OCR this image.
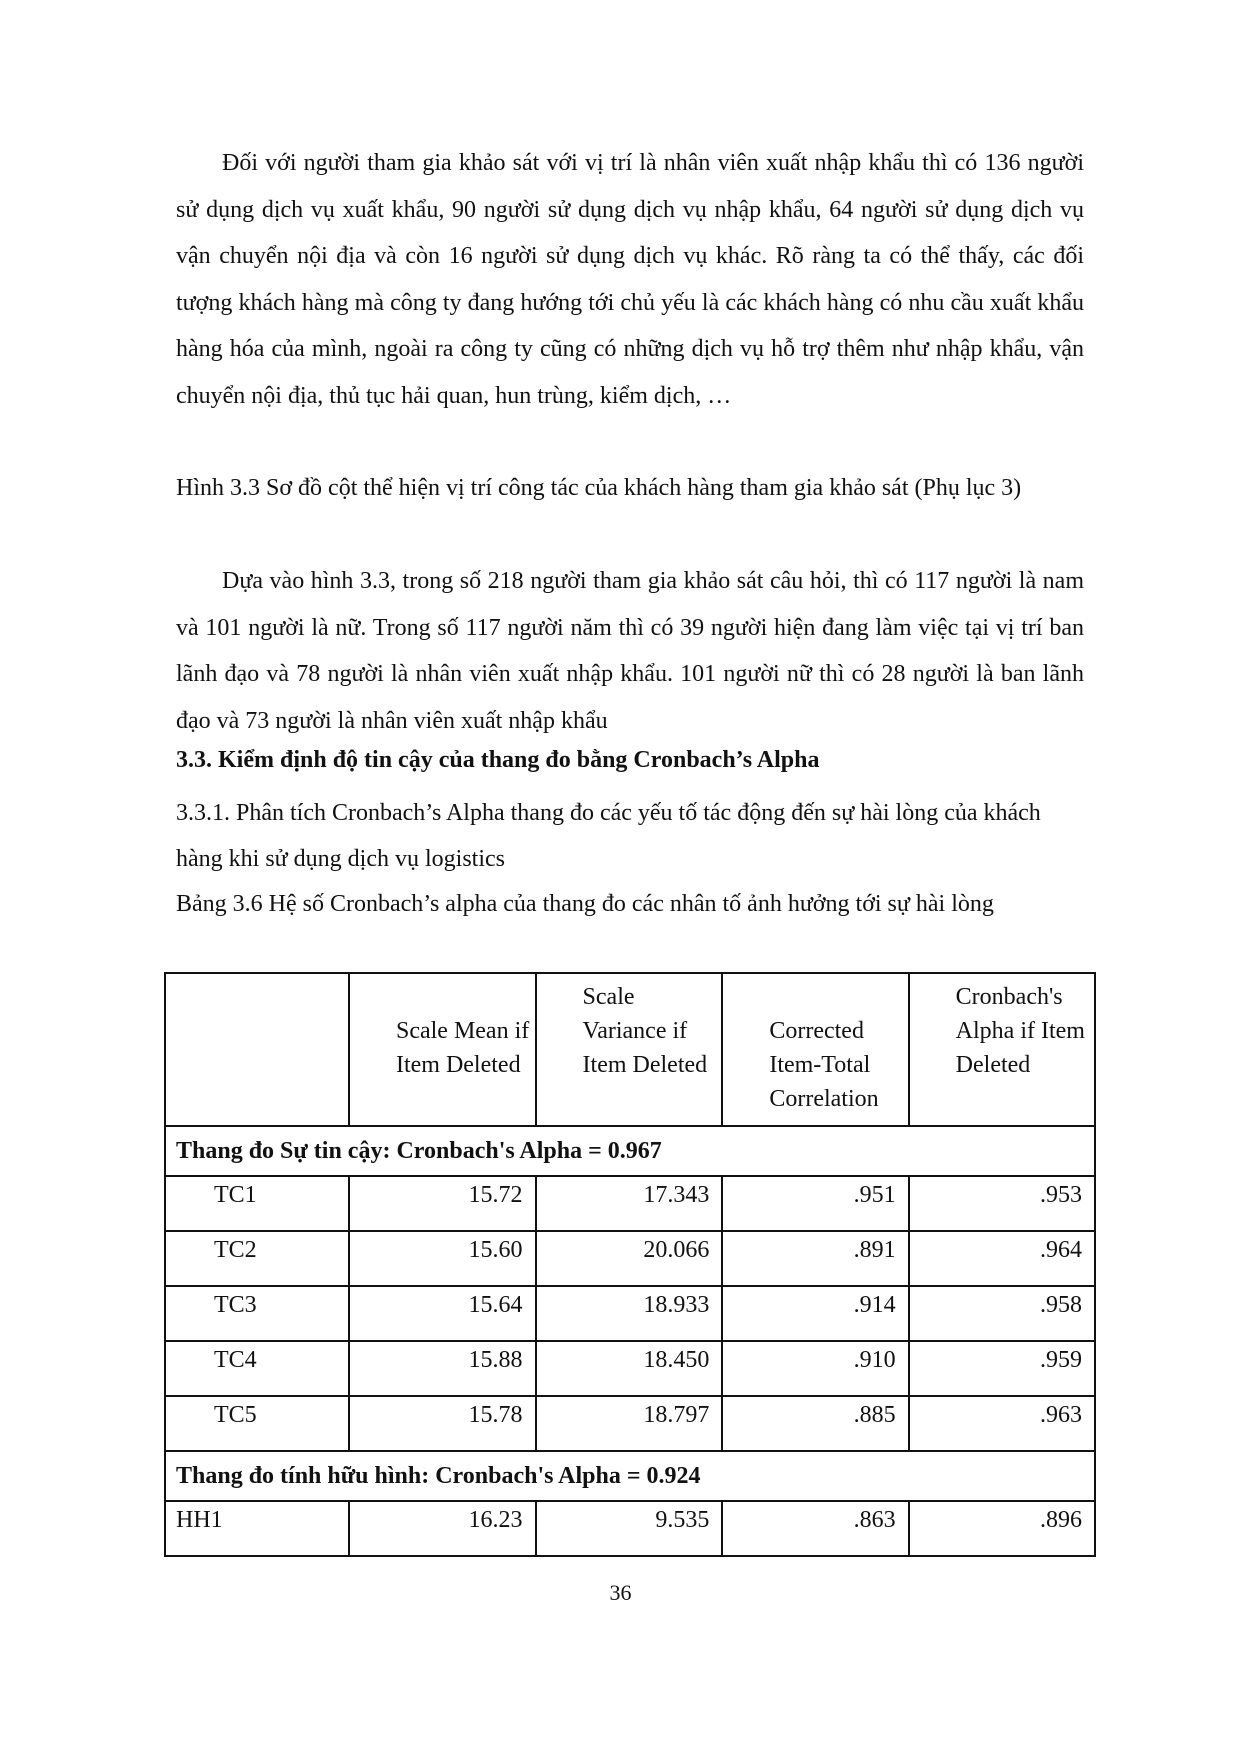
Đối với người tham gia khảo sát với vị trí là nhân viên xuất nhập khẩu thì có 136 người sử dụng dịch vụ xuất khẩu, 90 người sử dụng dịch vụ nhập khẩu, 64 người sử dụng dịch vụ vận chuyển nội địa và còn 16 người sử dụng dịch vụ khác. Rõ ràng ta có thể thấy, các đối tượng khách hàng mà công ty đang hướng tới chủ yếu là các khách hàng có nhu cầu xuất khẩu hàng hóa của mình, ngoài ra công ty cũng có những dịch vụ hỗ trợ thêm như nhập khẩu, vận chuyển nội địa, thủ tục hải quan, hun trùng, kiểm dịch, …

Hình 3.3 Sơ đồ cột thể hiện vị trí công tác của khách hàng tham gia khảo sát (Phụ lục 3)

Dựa vào hình 3.3, trong số 218 người tham gia khảo sát câu hỏi, thì có 117 người là nam và 101 người là nữ. Trong số 117 người năm thì có 39 người hiện đang làm việc tại vị trí ban lãnh đạo và 78 người là nhân viên xuất nhập khẩu. 101 người nữ thì có 28 người là ban lãnh đạo và 73 người là nhân viên xuất nhập khẩu

3.3. Kiểm định độ tin cậy của thang đo bằng Cronbach’s Alpha

3.3.1. Phân tích Cronbach’s Alpha thang đo các yếu tố tác động đến sự hài lòng của khách hàng khi sử dụng dịch vụ logistics

Bảng 3.6 Hệ số Cronbach’s alpha của thang đo các nhân tố ảnh hưởng tới sự hài lòng

	Scale Mean if Item Deleted	Scale Variance if Item Deleted	Corrected Item-Total Correlation	Cronbach's Alpha if Item Deleted

Thang đo Sự tin cậy: Cronbach's Alpha = 0.967				
TC1	15.72	17.343	.951	.953
TC2	15.60	20.066	.891	.964
TC3	15.64	18.933	.914	.958
TC4	15.88	18.450	.910	.959
TC5	15.78	18.797	.885	.963
Thang đo tính hữu hình: Cronbach's Alpha = 0.924				
HH1	16.23	9.535	.863	.896

36
